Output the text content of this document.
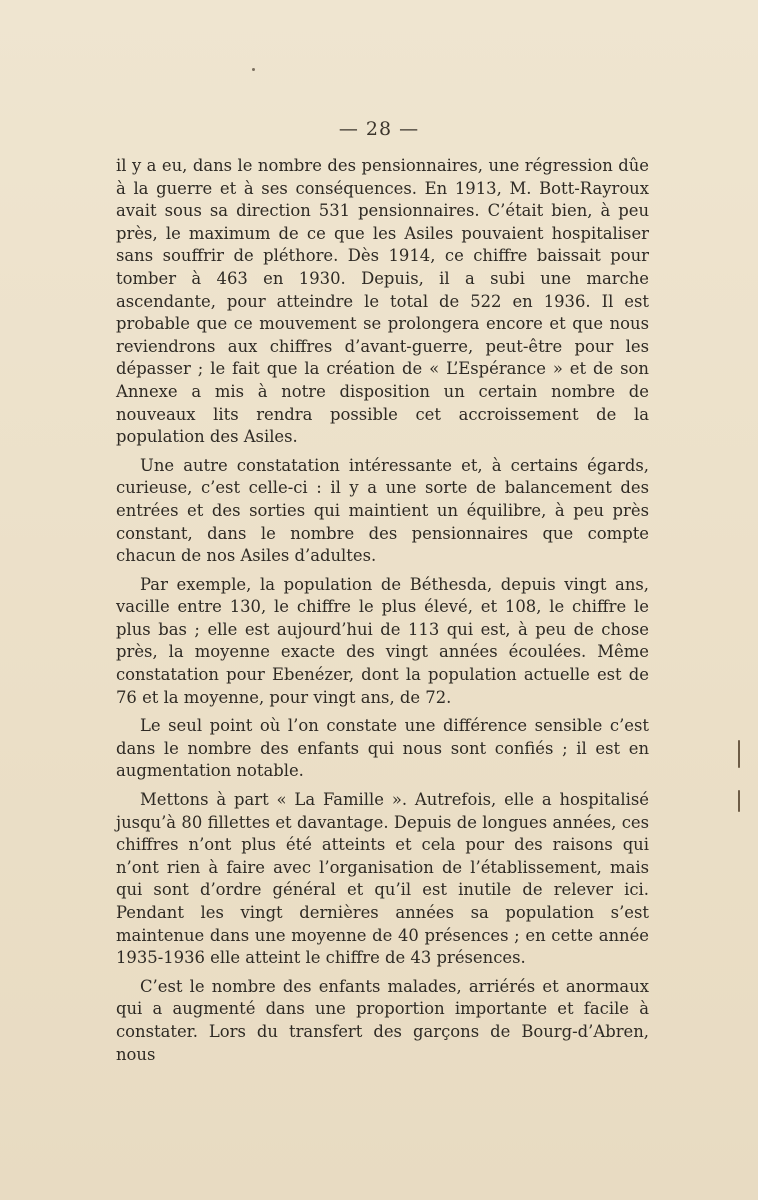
— 28 —

il y a eu, dans le nombre des pensionnaires, une régression dûe à la guerre et à ses conséquences. En 1913, M. Bott-Rayroux avait sous sa direction 531 pensionnaires. C’était bien, à peu près, le maximum de ce que les Asiles pouvaient hospitaliser sans souffrir de pléthore. Dès 1914, ce chiffre baissait pour tomber à 463 en 1930. Depuis, il a subi une marche ascendante, pour atteindre le total de 522 en 1936. Il est probable que ce mouvement se prolongera encore et que nous reviendrons aux chiffres d’avant-guerre, peut-être pour les dépasser ; le fait que la création de « L’Espérance » et de son Annexe a mis à notre disposition un certain nombre de nouveaux lits rendra possible cet accroissement de la population des Asiles.

Une autre constatation intéressante et, à certains égards, curieuse, c’est celle-ci : il y a une sorte de balancement des entrées et des sorties qui maintient un équilibre, à peu près constant, dans le nombre des pensionnaires que compte chacun de nos Asiles d’adultes.

Par exemple, la population de Béthesda, depuis vingt ans, vacille entre 130, le chiffre le plus élevé, et 108, le chiffre le plus bas ; elle est aujourd’hui de 113 qui est, à peu de chose près, la moyenne exacte des vingt années écoulées. Même constatation pour Ebenézer, dont la population actuelle est de 76 et la moyenne, pour vingt ans, de 72.

Le seul point où l’on constate une différence sensible c’est dans le nombre des enfants qui nous sont confiés ; il est en augmentation notable.

Mettons à part « La Famille ». Autrefois, elle a hospitalisé jusqu’à 80 fillettes et davantage. Depuis de longues années, ces chiffres n’ont plus été atteints et cela pour des raisons qui n’ont rien à faire avec l’organisation de l’établissement, mais qui sont d’ordre général et qu’il est inutile de relever ici. Pendant les vingt dernières années sa population s’est maintenue dans une moyenne de 40 présences ; en cette année 1935-1936 elle atteint le chiffre de 43 présences.

C’est le nombre des enfants malades, arriérés et anormaux qui a augmenté dans une proportion importante et facile à constater. Lors du transfert des garçons de Bourg-d’Abren, nous
